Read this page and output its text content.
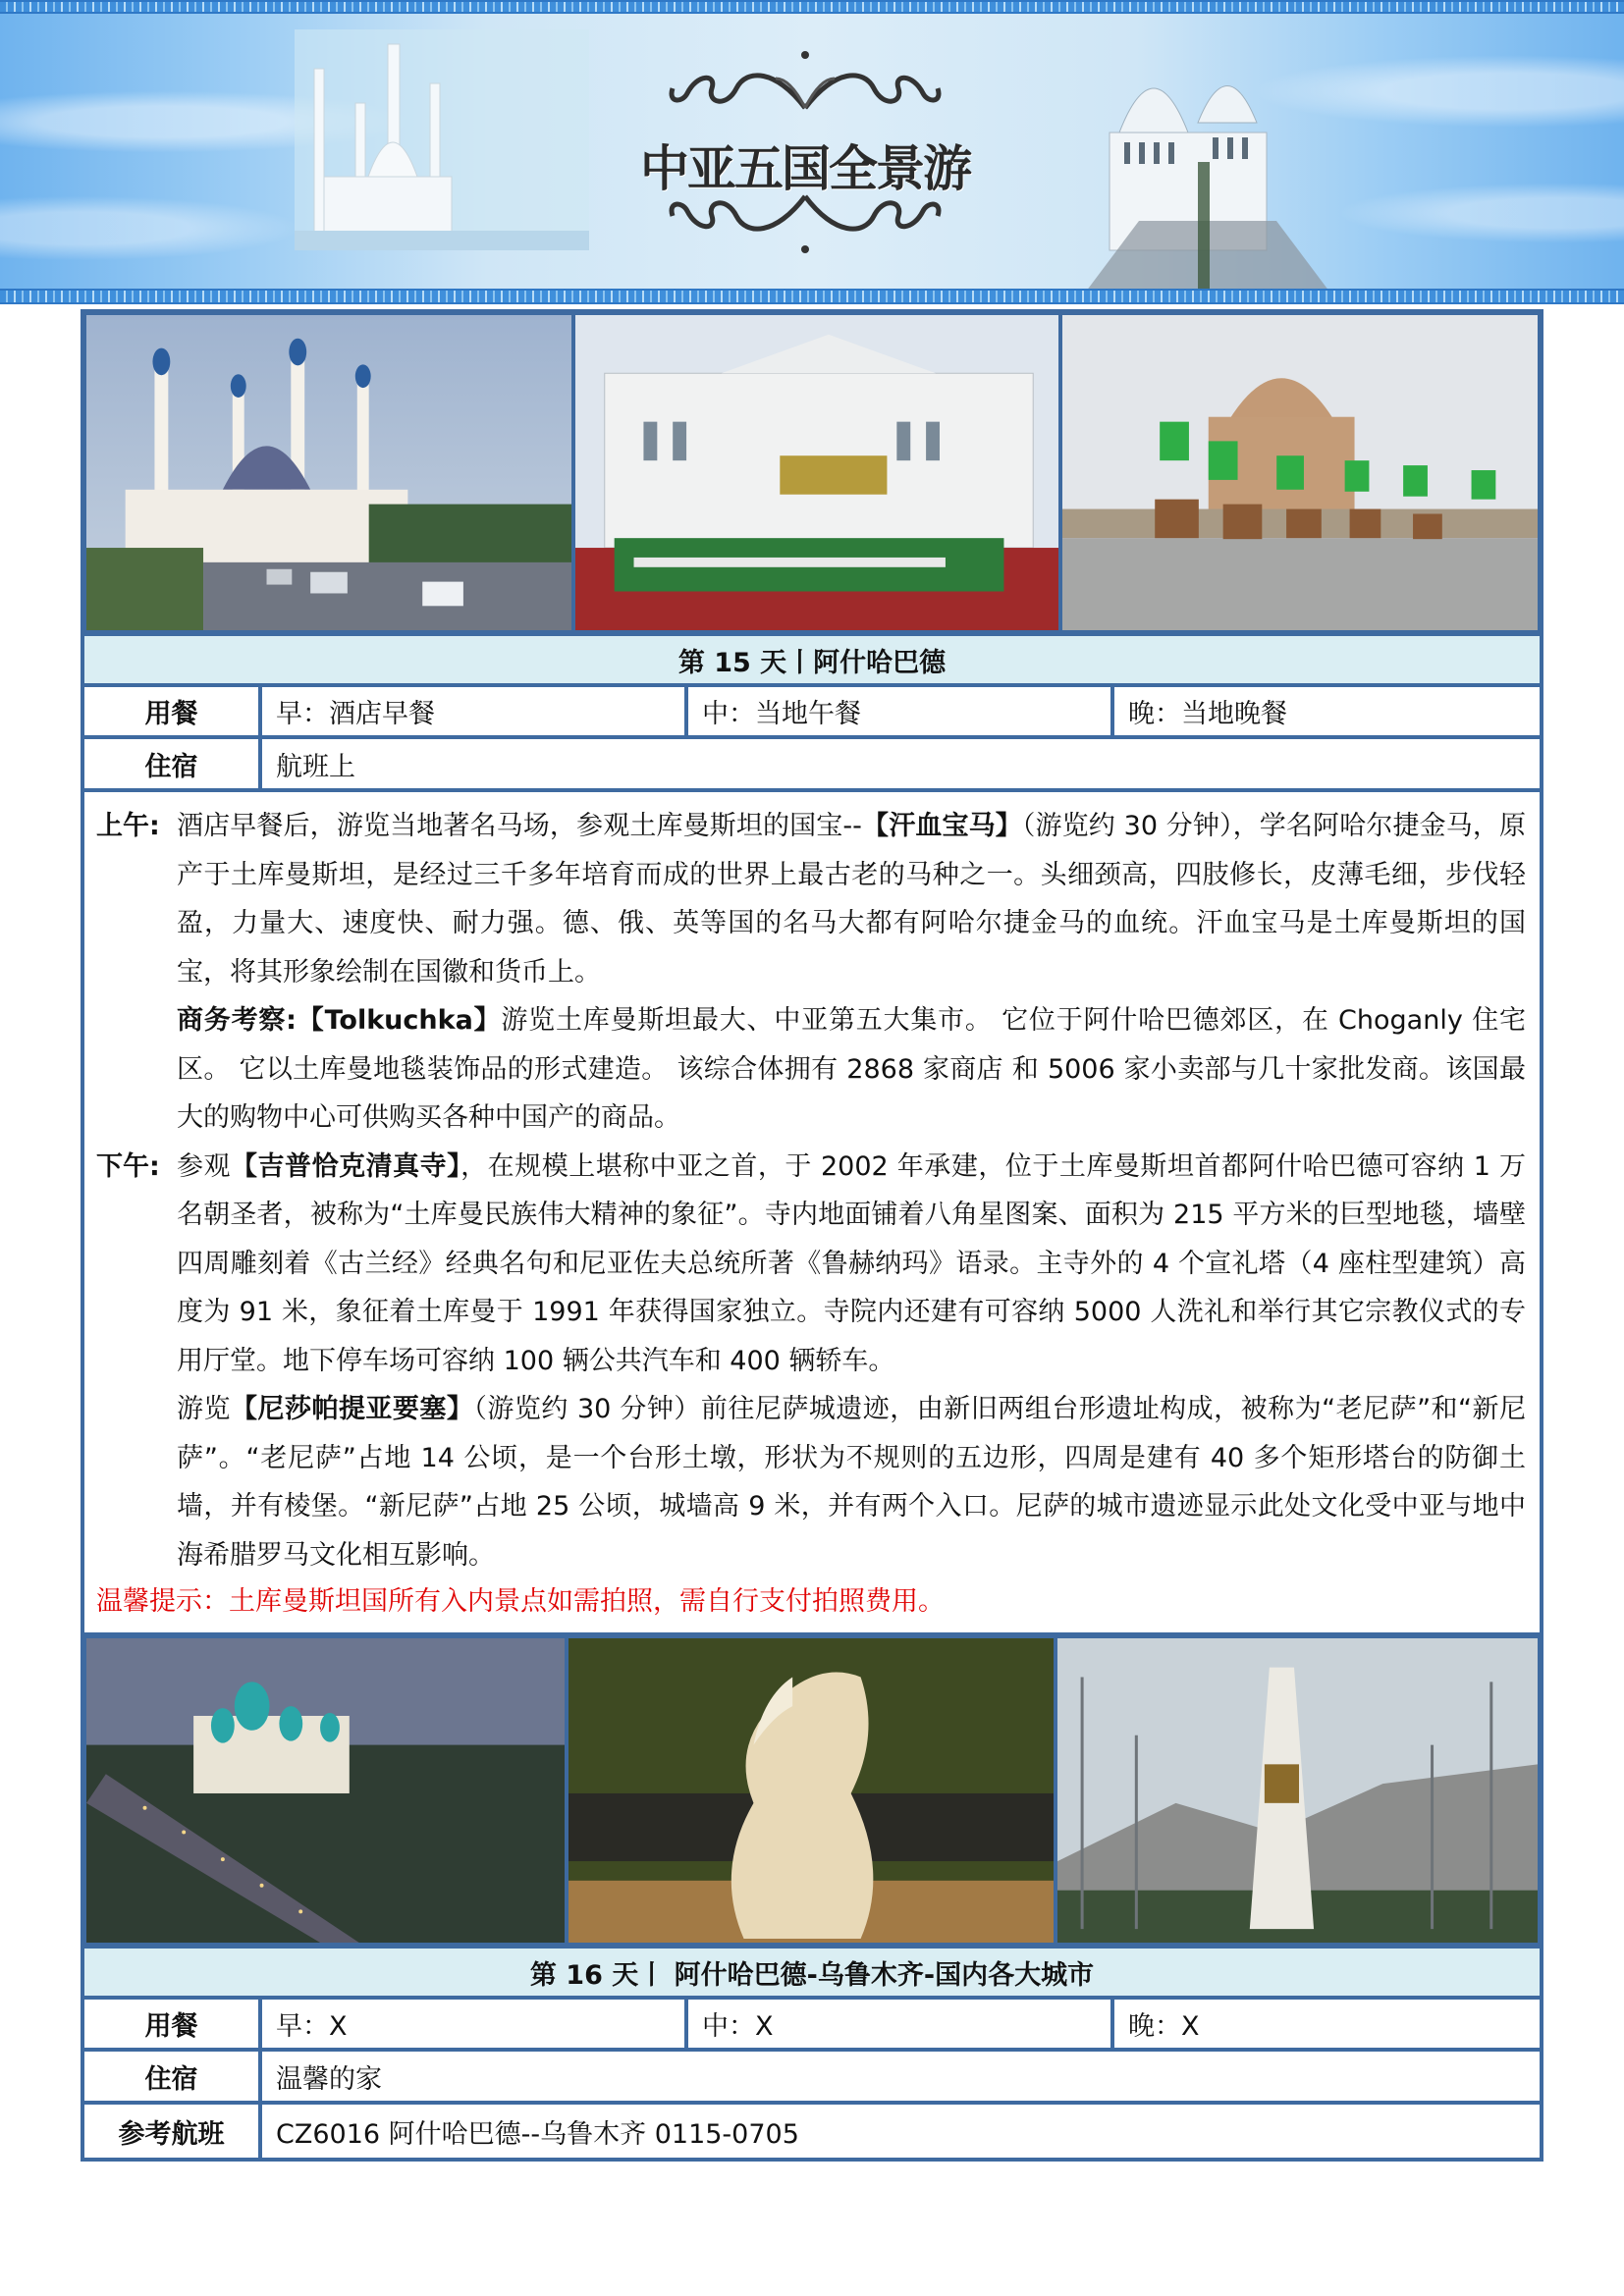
中亚五国全景游
第 15 天丨阿什哈巴德
用餐	早：酒店早餐	中：当地午餐	晚：当地晚餐
住宿	航班上
上午: 酒店早餐后，游览当地著名马场，参观土库曼斯坦的国宝--【汗血宝马】（游览约 30 分钟），学名阿哈尔捷金马，原产于土库曼斯坦，是经过三千多年培育而成的世界上最古老的马种之一。头细颈高，四肢修长，皮薄毛细，步伐轻盈，力量大、速度快、耐力强。德、俄、英等国的名马大都有阿哈尔捷金马的血统。汗血宝马是土库曼斯坦的国宝，将其形象绘制在国徽和货币上。
商务考察:【Tolkuchka】游览土库曼斯坦最大、中亚第五大集市。 它位于阿什哈巴德郊区，在 Choganly 住宅区。 它以土库曼地毯装饰品的形式建造。 该综合体拥有 2868 家商店 和 5006 家小卖部与几十家批发商。该国最大的购物中心可供购买各种中国产的商品。
下午: 参观【吉普恰克清真寺】，在规模上堪称中亚之首，于 2002 年承建，位于土库曼斯坦首都阿什哈巴德可容纳 1 万名朝圣者，被称为“土库曼民族伟大精神的象征”。寺内地面铺着八角星图案、面积为 215 平方米的巨型地毯，墙壁四周雕刻着《古兰经》经典名句和尼亚佐夫总统所著《鲁赫纳玛》语录。主寺外的 4 个宣礼塔（4 座柱型建筑）高度为 91 米，象征着土库曼于 1991 年获得国家独立。寺院内还建有可容纳 5000 人洗礼和举行其它宗教仪式的专用厅堂。地下停车场可容纳 100 辆公共汽车和 400 辆轿车。
游览【尼莎帕提亚要塞】（游览约 30 分钟）前往尼萨城遗迹，由新旧两组台形遗址构成，被称为“老尼萨”和“新尼萨”。“老尼萨”占地 14 公顷，是一个台形土墩，形状为不规则的五边形，四周是建有 40 多个矩形塔台的防御土墙，并有棱堡。“新尼萨”占地 25 公顷，城墙高 9 米，并有两个入口。尼萨的城市遗迹显示此处文化受中亚与地中海希腊罗马文化相互影响。
温馨提示：土库曼斯坦国所有入内景点如需拍照，需自行支付拍照费用。
第 16 天丨 阿什哈巴德-乌鲁木齐-国内各大城市
用餐	早：X	中：X	晚：X
住宿	温馨的家
参考航班	CZ6016 阿什哈巴德--乌鲁木齐 0115-0705
